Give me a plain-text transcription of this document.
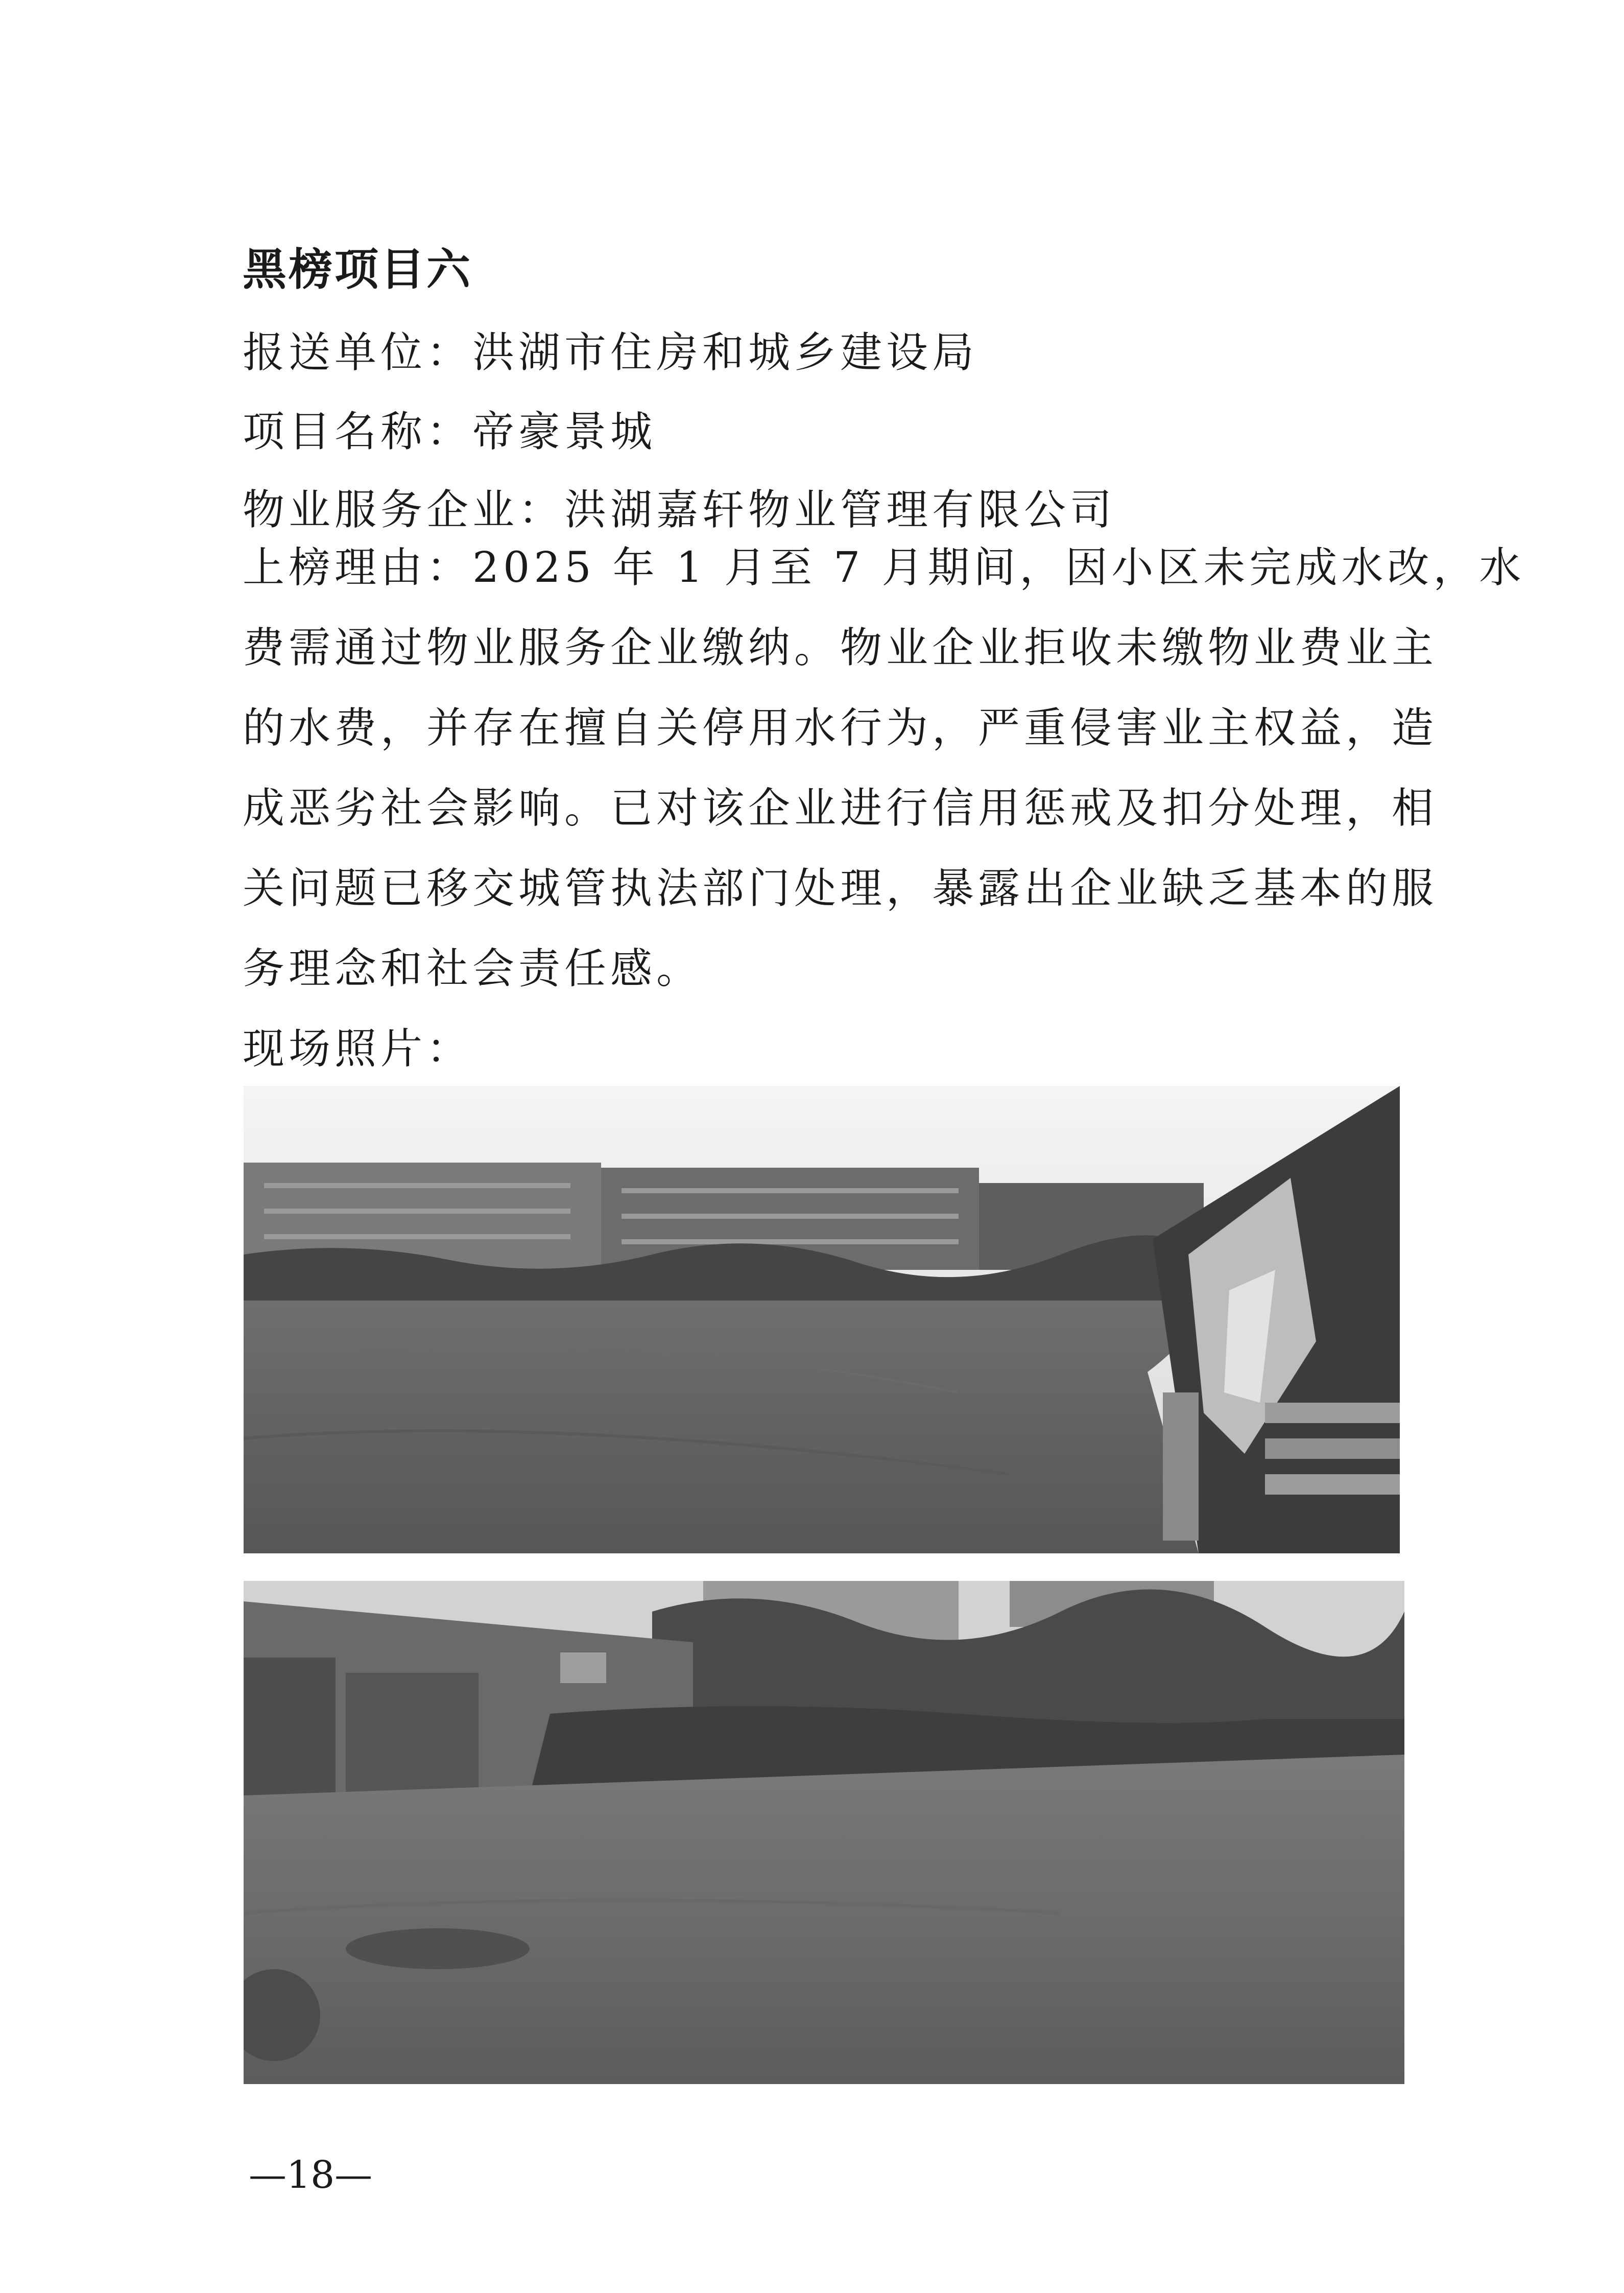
黑榜项目六
报送单位：洪湖市住房和城乡建设局
项目名称：帝豪景城
物业服务企业：洪湖嘉轩物业管理有限公司
上榜理由：2025 年 1 月至 7 月期间，因小区未完成水改，水
费需通过物业服务企业缴纳。物业企业拒收未缴物业费业主
的水费，并存在擅自关停用水行为，严重侵害业主权益，造
成恶劣社会影响。已对该企业进行信用惩戒及扣分处理，相
关问题已移交城管执法部门处理，暴露出企业缺乏基本的服
务理念和社会责任感。
现场照片：
—18—
